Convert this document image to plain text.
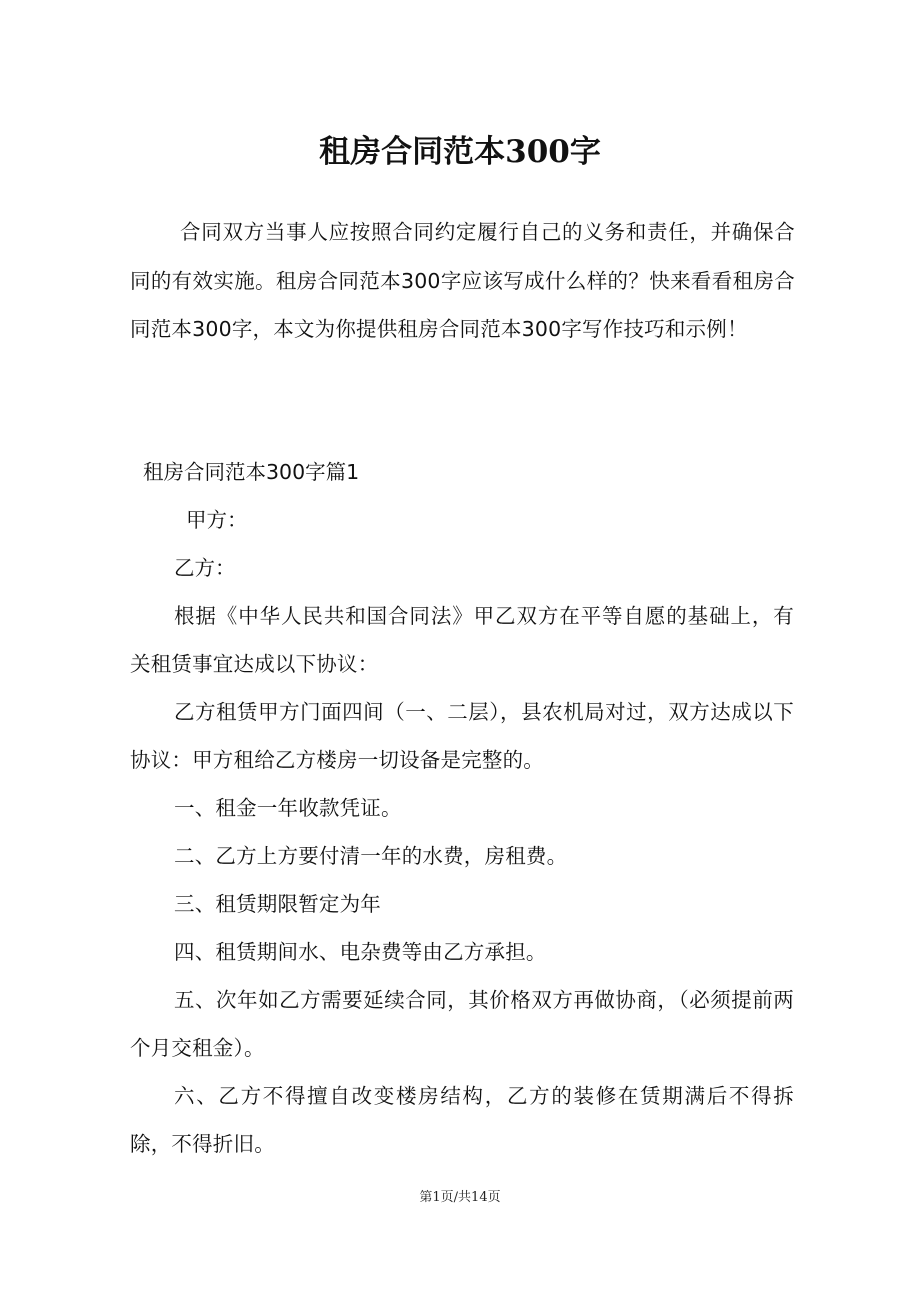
租房合同范本300字
合同双方当事人应按照合同约定履行自己的义务和责任，并确保合同的有效实施。租房合同范本300字应该写成什么样的？快来看看租房合同范本300字，本文为你提供租房合同范本300字写作技巧和示例！
租房合同范本300字篇1
甲方：
乙方：
根据《中华人民共和国合同法》甲乙双方在平等自愿的基础上，有关租赁事宜达成以下协议：
乙方租赁甲方门面四间（一、二层），县农机局对过，双方达成以下协议：甲方租给乙方楼房一切设备是完整的。
一、租金一年收款凭证。
二、乙方上方要付清一年的水费，房租费。
三、租赁期限暂定为年
四、租赁期间水、电杂费等由乙方承担。
五、次年如乙方需要延续合同，其价格双方再做协商，（必须提前两个月交租金）。
六、乙方不得擅自改变楼房结构，乙方的装修在赁期满后不得拆除，不得折旧。
第1页/共14页
